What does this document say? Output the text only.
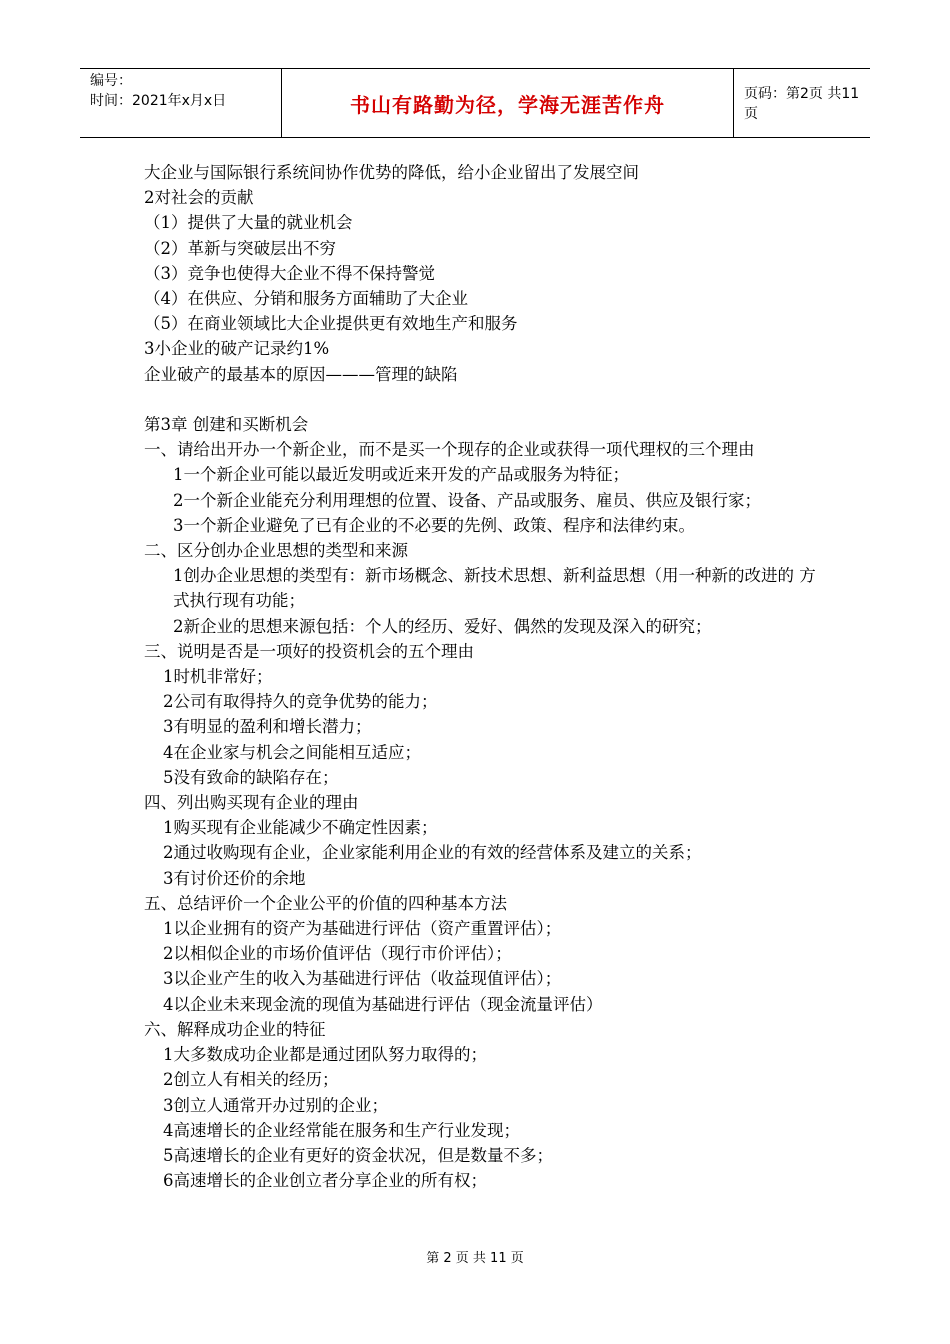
编号：
时间：2021年x月x日	书山有路勤为径，学海无涯苦作舟	页码：第2页 共11页

大企业与国际银行系统间协作优势的降低，给小企业留出了发展空间

2对社会的贡献

（1）提供了大量的就业机会

（2）革新与突破层出不穷

（3）竞争也使得大企业不得不保持警觉

（4）在供应、分销和服务方面辅助了大企业

（5）在商业领域比大企业提供更有效地生产和服务

3小企业的破产记录约1%

企业破产的最基本的原因———管理的缺陷

第3章 创建和买断机会

一、请给出开办一个新企业，而不是买一个现存的企业或获得一项代理权的三个理由

1一个新企业可能以最近发明或近来开发的产品或服务为特征；

2一个新企业能充分利用理想的位置、设备、产品或服务、雇员、供应及银行家；

3一个新企业避免了已有企业的不必要的先例、政策、程序和法律约束。

二、区分创办企业思想的类型和来源

1创办企业思想的类型有：新市场概念、新技术思想、新利益思想（用一种新的改进的 方式执行现有功能；

2新企业的思想来源包括：个人的经历、爱好、偶然的发现及深入的研究；

三、说明是否是一项好的投资机会的五个理由

1时机非常好；

2公司有取得持久的竞争优势的能力；

3有明显的盈利和增长潜力；

4在企业家与机会之间能相互适应；

5没有致命的缺陷存在；

四、列出购买现有企业的理由

1购买现有企业能减少不确定性因素；

2通过收购现有企业，企业家能利用企业的有效的经营体系及建立的关系；

3有讨价还价的余地

五、总结评价一个企业公平的价值的四种基本方法

1以企业拥有的资产为基础进行评估（资产重置评估）；

2以相似企业的市场价值评估（现行市价评估）；

3以企业产生的收入为基础进行评估（收益现值评估）；

4以企业未来现金流的现值为基础进行评估（现金流量评估）

六、解释成功企业的特征

1大多数成功企业都是通过团队努力取得的；

2创立人有相关的经历；

3创立人通常开办过别的企业；

4高速增长的企业经常能在服务和生产行业发现；

5高速增长的企业有更好的资金状况，但是数量不多；

6高速增长的企业创立者分享企业的所有权；

第 2 页 共 11 页
